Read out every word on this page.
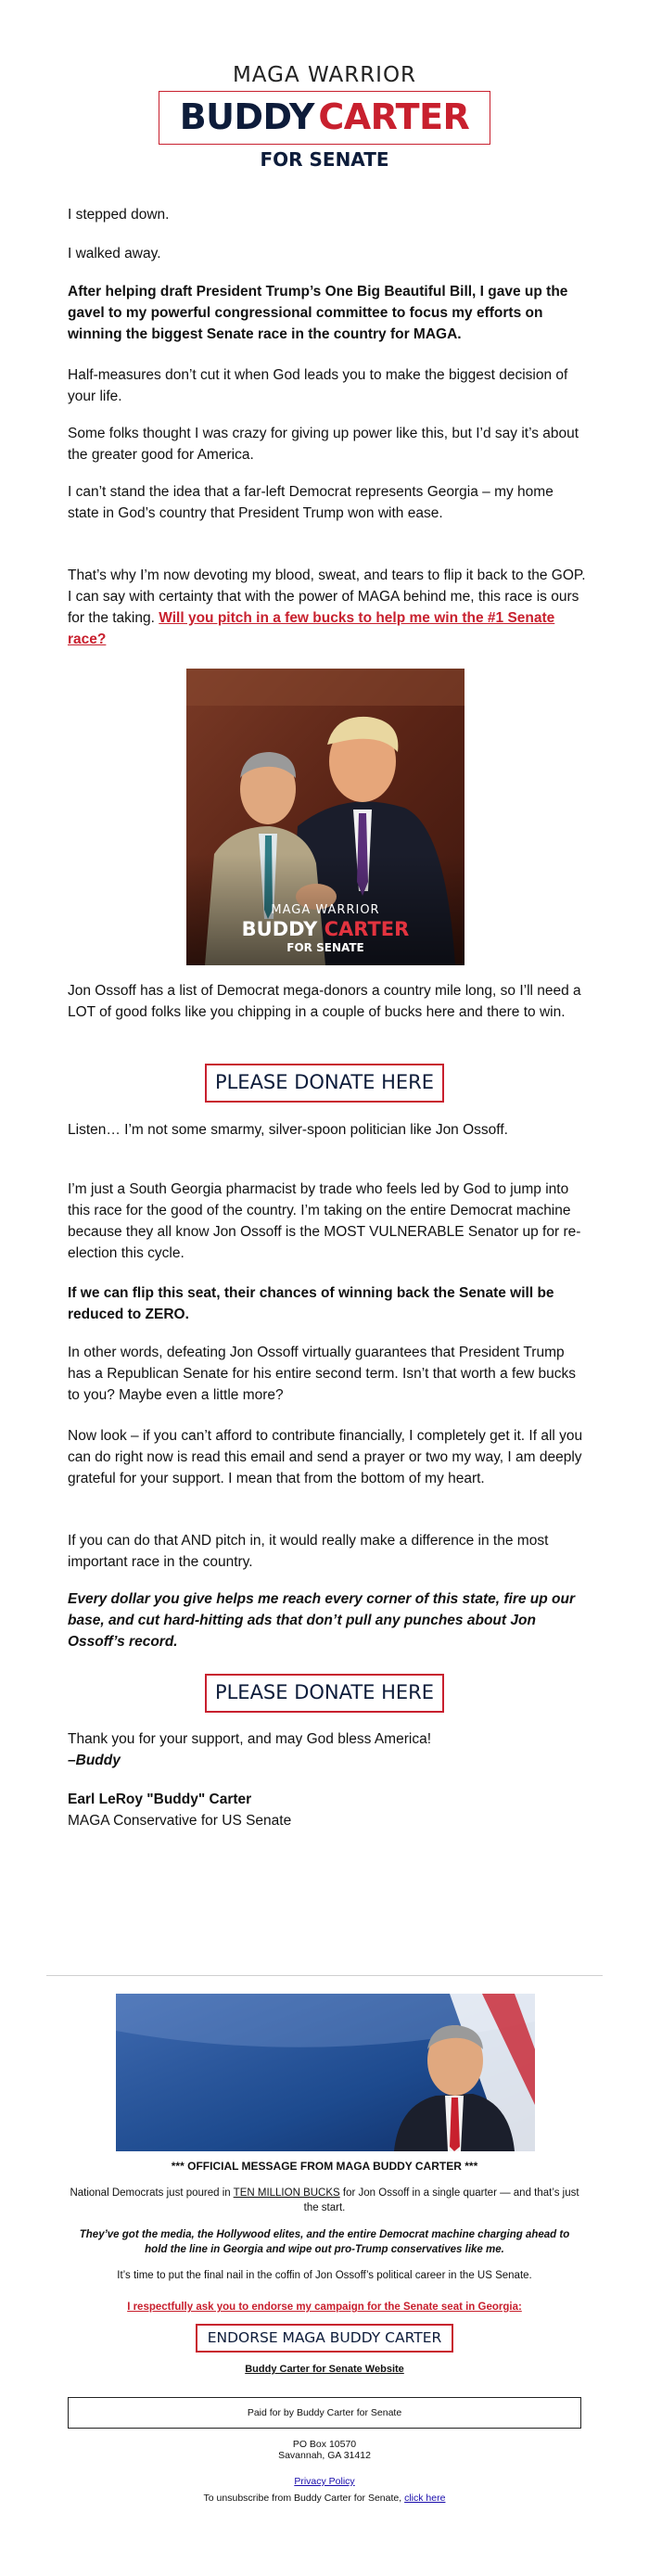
MAGA WARRIOR
BUDDY CARTER
FOR SENATE

I stepped down.

I walked away.

After helping draft President Trump’s One Big Beautiful Bill, I gave up the gavel to my powerful congressional committee to focus my efforts on winning the biggest Senate race in the country for MAGA.

Half-measures don’t cut it when God leads you to make the biggest decision of your life.

Some folks thought I was crazy for giving up power like this, but I’d say it’s about the greater good for America.

I can’t stand the idea that a far-left Democrat represents Georgia – my home state in God’s country that President Trump won with ease.

That’s why I’m now devoting my blood, sweat, and tears to flip it back to the GOP. I can say with certainty that with the power of MAGA behind me, this race is ours for the taking. Will you pitch in a few bucks to help me win the #1 Senate race?

MAGA WARRIOR
BUDDY CARTER
FOR SENATE

Jon Ossoff has a list of Democrat mega-donors a country mile long, so I’ll need a LOT of good folks like you chipping in a couple of bucks here and there to win.

PLEASE DONATE HERE

Listen… I’m not some smarmy, silver-spoon politician like Jon Ossoff.

I’m just a South Georgia pharmacist by trade who feels led by God to jump into this race for the good of the country. I’m taking on the entire Democrat machine because they all know Jon Ossoff is the MOST VULNERABLE Senator up for re-election this cycle.

If we can flip this seat, their chances of winning back the Senate will be reduced to ZERO.

In other words, defeating Jon Ossoff virtually guarantees that President Trump has a Republican Senate for his entire second term. Isn’t that worth a few bucks to you? Maybe even a little more?

Now look – if you can’t afford to contribute financially, I completely get it. If all you can do right now is read this email and send a prayer or two my way, I am deeply grateful for your support. I mean that from the bottom of my heart.

If you can do that AND pitch in, it would really make a difference in the most important race in the country.

Every dollar you give helps me reach every corner of this state, fire up our base, and cut hard-hitting ads that don’t pull any punches about Jon Ossoff’s record.

PLEASE DONATE HERE

Thank you for your support, and may God bless America!

–Buddy

Earl LeRoy "Buddy" Carter

MAGA Conservative for US Senate

*** OFFICIAL MESSAGE FROM MAGA BUDDY CARTER ***
National Democrats just poured in TEN MILLION BUCKS for Jon Ossoff in a single quarter — and that’s just the start.
They’ve got the media, the Hollywood elites, and the entire Democrat machine charging ahead to hold the line in Georgia and wipe out pro-Trump conservatives like me.
It’s time to put the final nail in the coffin of Jon Ossoff’s political career in the US Senate.
I respectfully ask you to endorse my campaign for the Senate seat in Georgia:
ENDORSE MAGA BUDDY CARTER
Buddy Carter for Senate Website
Paid for by Buddy Carter for Senate
PO Box 10570
Savannah, GA 31412
Privacy Policy
To unsubscribe from Buddy Carter for Senate, click here
